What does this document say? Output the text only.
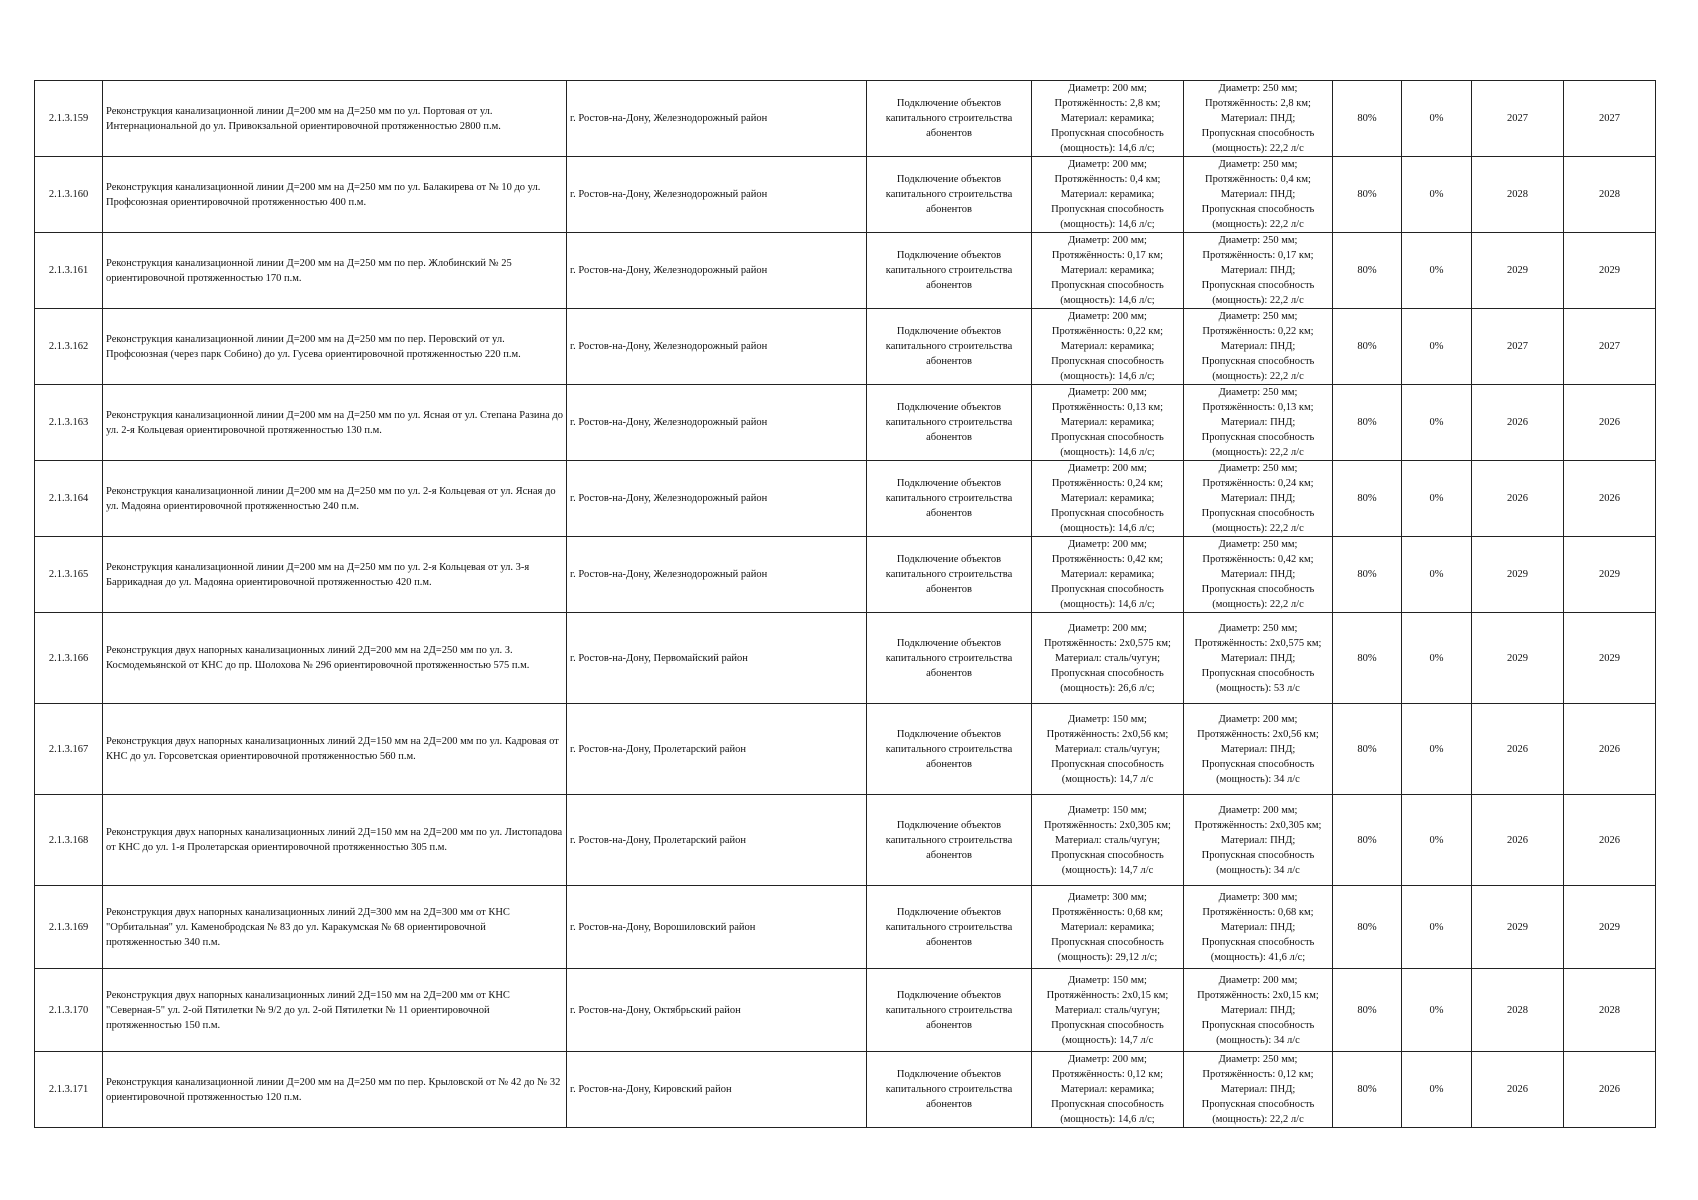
2.1.3.159	Реконструкция канализационной линии Д=200 мм на Д=250 мм по ул. Портовая от ул. Интернациональной до ул. Привокзальной ориентировочной протяженностью 2800 п.м.	г. Ростов-на-Дону, Железнодорожный район	Подключение объектов капитального строительства абонентов	Диаметр: 200 мм;
Протяжённость: 2,8 км;
Материал: керамика;
Пропускная способность
(мощность): 14,6 л/с;	Диаметр: 250 мм;
Протяжённость: 2,8 км;
Материал: ПНД;
Пропускная способность
(мощность): 22,2 л/с	80%	0%	2027	2027
2.1.3.160	Реконструкция канализационной линии Д=200 мм на Д=250 мм по ул. Балакирева от № 10 до ул. Профсоюзная ориентировочной протяженностью 400 п.м.	г. Ростов-на-Дону, Железнодорожный район	Подключение объектов капитального строительства абонентов	Диаметр: 200 мм;
Протяжённость: 0,4 км;
Материал: керамика;
Пропускная способность
(мощность): 14,6 л/с;	Диаметр: 250 мм;
Протяжённость: 0,4 км;
Материал: ПНД;
Пропускная способность
(мощность): 22,2 л/с	80%	0%	2028	2028
2.1.3.161	Реконструкция канализационной линии Д=200 мм на Д=250 мм по пер. Жлобинский № 25 ориентировочной протяженностью 170 п.м.	г. Ростов-на-Дону, Железнодорожный район	Подключение объектов капитального строительства абонентов	Диаметр: 200 мм;
Протяжённость: 0,17 км;
Материал: керамика;
Пропускная способность
(мощность): 14,6 л/с;	Диаметр: 250 мм;
Протяжённость: 0,17 км;
Материал: ПНД;
Пропускная способность
(мощность): 22,2 л/с	80%	0%	2029	2029
2.1.3.162	Реконструкция канализационной линии Д=200 мм на Д=250 мм по пер. Перовский от ул. Профсоюзная (через парк Собино) до ул. Гусева ориентировочной протяженностью 220 п.м.	г. Ростов-на-Дону, Железнодорожный район	Подключение объектов капитального строительства абонентов	Диаметр: 200 мм;
Протяжённость: 0,22 км;
Материал: керамика;
Пропускная способность
(мощность): 14,6 л/с;	Диаметр: 250 мм;
Протяжённость: 0,22 км;
Материал: ПНД;
Пропускная способность
(мощность): 22,2 л/с	80%	0%	2027	2027
2.1.3.163	Реконструкция канализационной линии Д=200 мм на Д=250 мм по ул. Ясная от ул. Степана Разина до ул. 2-я Кольцевая ориентировочной протяженностью 130 п.м.	г. Ростов-на-Дону, Железнодорожный район	Подключение объектов капитального строительства абонентов	Диаметр: 200 мм;
Протяжённость: 0,13 км;
Материал: керамика;
Пропускная способность
(мощность): 14,6 л/с;	Диаметр: 250 мм;
Протяжённость: 0,13 км;
Материал: ПНД;
Пропускная способность
(мощность): 22,2 л/с	80%	0%	2026	2026
2.1.3.164	Реконструкция канализационной линии Д=200 мм на Д=250 мм по ул. 2-я Кольцевая от ул. Ясная до ул. Мадояна ориентировочной протяженностью 240 п.м.	г. Ростов-на-Дону, Железнодорожный район	Подключение объектов капитального строительства абонентов	Диаметр: 200 мм;
Протяжённость: 0,24 км;
Материал: керамика;
Пропускная способность
(мощность): 14,6 л/с;	Диаметр: 250 мм;
Протяжённость: 0,24 км;
Материал: ПНД;
Пропускная способность
(мощность): 22,2 л/с	80%	0%	2026	2026
2.1.3.165	Реконструкция канализационной линии Д=200 мм на Д=250 мм по ул. 2-я Кольцевая от ул. 3-я Баррикадная до ул. Мадояна ориентировочной протяженностью 420 п.м.	г. Ростов-на-Дону, Железнодорожный район	Подключение объектов капитального строительства абонентов	Диаметр: 200 мм;
Протяжённость: 0,42 км;
Материал: керамика;
Пропускная способность
(мощность): 14,6 л/с;	Диаметр: 250 мм;
Протяжённость: 0,42 км;
Материал: ПНД;
Пропускная способность
(мощность): 22,2 л/с	80%	0%	2029	2029
2.1.3.166	Реконструкция двух напорных канализационных линий 2Д=200 мм на 2Д=250 мм по ул. З. Космодемьянской от КНС до пр. Шолохова № 296 ориентировочной протяженностью 575 п.м.	г. Ростов-на-Дону, Первомайский район	Подключение объектов капитального строительства абонентов	Диаметр: 200 мм;
Протяжённость: 2х0,575 км;
Материал: сталь/чугун;
Пропускная способность
(мощность): 26,6 л/с;	Диаметр: 250 мм;
Протяжённость: 2х0,575 км;
Материал: ПНД;
Пропускная способность
(мощность): 53 л/с	80%	0%	2029	2029
2.1.3.167	Реконструкция двух напорных канализационных линий 2Д=150 мм на 2Д=200 мм по ул. Кадровая от КНС до ул. Горсоветская ориентировочной протяженностью 560 п.м.	г. Ростов-на-Дону, Пролетарский район	Подключение объектов капитального строительства абонентов	Диаметр: 150 мм;
Протяжённость: 2х0,56 км;
Материал: сталь/чугун;
Пропускная способность
(мощность): 14,7 л/с	Диаметр: 200 мм;
Протяжённость: 2х0,56 км;
Материал: ПНД;
Пропускная способность
(мощность): 34 л/с	80%	0%	2026	2026
2.1.3.168	Реконструкция двух напорных канализационных линий 2Д=150 мм на 2Д=200 мм по ул. Листопадова от КНС до ул. 1-я Пролетарская ориентировочной протяженностью 305 п.м.	г. Ростов-на-Дону, Пролетарский район	Подключение объектов капитального строительства абонентов	Диаметр: 150 мм;
Протяжённость: 2х0,305 км;
Материал: сталь/чугун;
Пропускная способность
(мощность): 14,7 л/с	Диаметр: 200 мм;
Протяжённость: 2х0,305 км;
Материал: ПНД;
Пропускная способность
(мощность): 34 л/с	80%	0%	2026	2026
2.1.3.169	Реконструкция двух напорных канализационных линий 2Д=300 мм на 2Д=300 мм от КНС "Орбитальная" ул. Каменобродская № 83 до ул. Каракумская № 68 ориентировочной протяженностью 340 п.м.	г. Ростов-на-Дону, Ворошиловский район	Подключение объектов капитального строительства абонентов	Диаметр: 300 мм;
Протяжённость: 0,68 км;
Материал: керамика;
Пропускная способность
(мощность): 29,12 л/с;	Диаметр: 300 мм;
Протяжённость: 0,68 км;
Материал: ПНД;
Пропускная способность
(мощность): 41,6 л/с;	80%	0%	2029	2029
2.1.3.170	Реконструкция двух напорных канализационных линий 2Д=150 мм на 2Д=200 мм от КНС "Северная-5" ул. 2-ой Пятилетки № 9/2 до ул. 2-ой Пятилетки № 11 ориентировочной протяженностью 150 п.м.	г. Ростов-на-Дону, Октябрьский район	Подключение объектов капитального строительства абонентов	Диаметр: 150 мм;
Протяжённость: 2х0,15 км;
Материал: сталь/чугун;
Пропускная способность
(мощность): 14,7 л/с	Диаметр: 200 мм;
Протяжённость: 2х0,15 км;
Материал: ПНД;
Пропускная способность
(мощность): 34 л/с	80%	0%	2028	2028
2.1.3.171	Реконструкция канализационной линии Д=200 мм на Д=250 мм по пер. Крыловской от № 42 до № 32 ориентировочной протяженностью 120 п.м.	г. Ростов-на-Дону, Кировский район	Подключение объектов капитального строительства абонентов	Диаметр: 200 мм;
Протяжённость: 0,12 км;
Материал: керамика;
Пропускная способность
(мощность): 14,6 л/с;	Диаметр: 250 мм;
Протяжённость: 0,12 км;
Материал: ПНД;
Пропускная способность
(мощность): 22,2 л/с	80%	0%	2026	2026
